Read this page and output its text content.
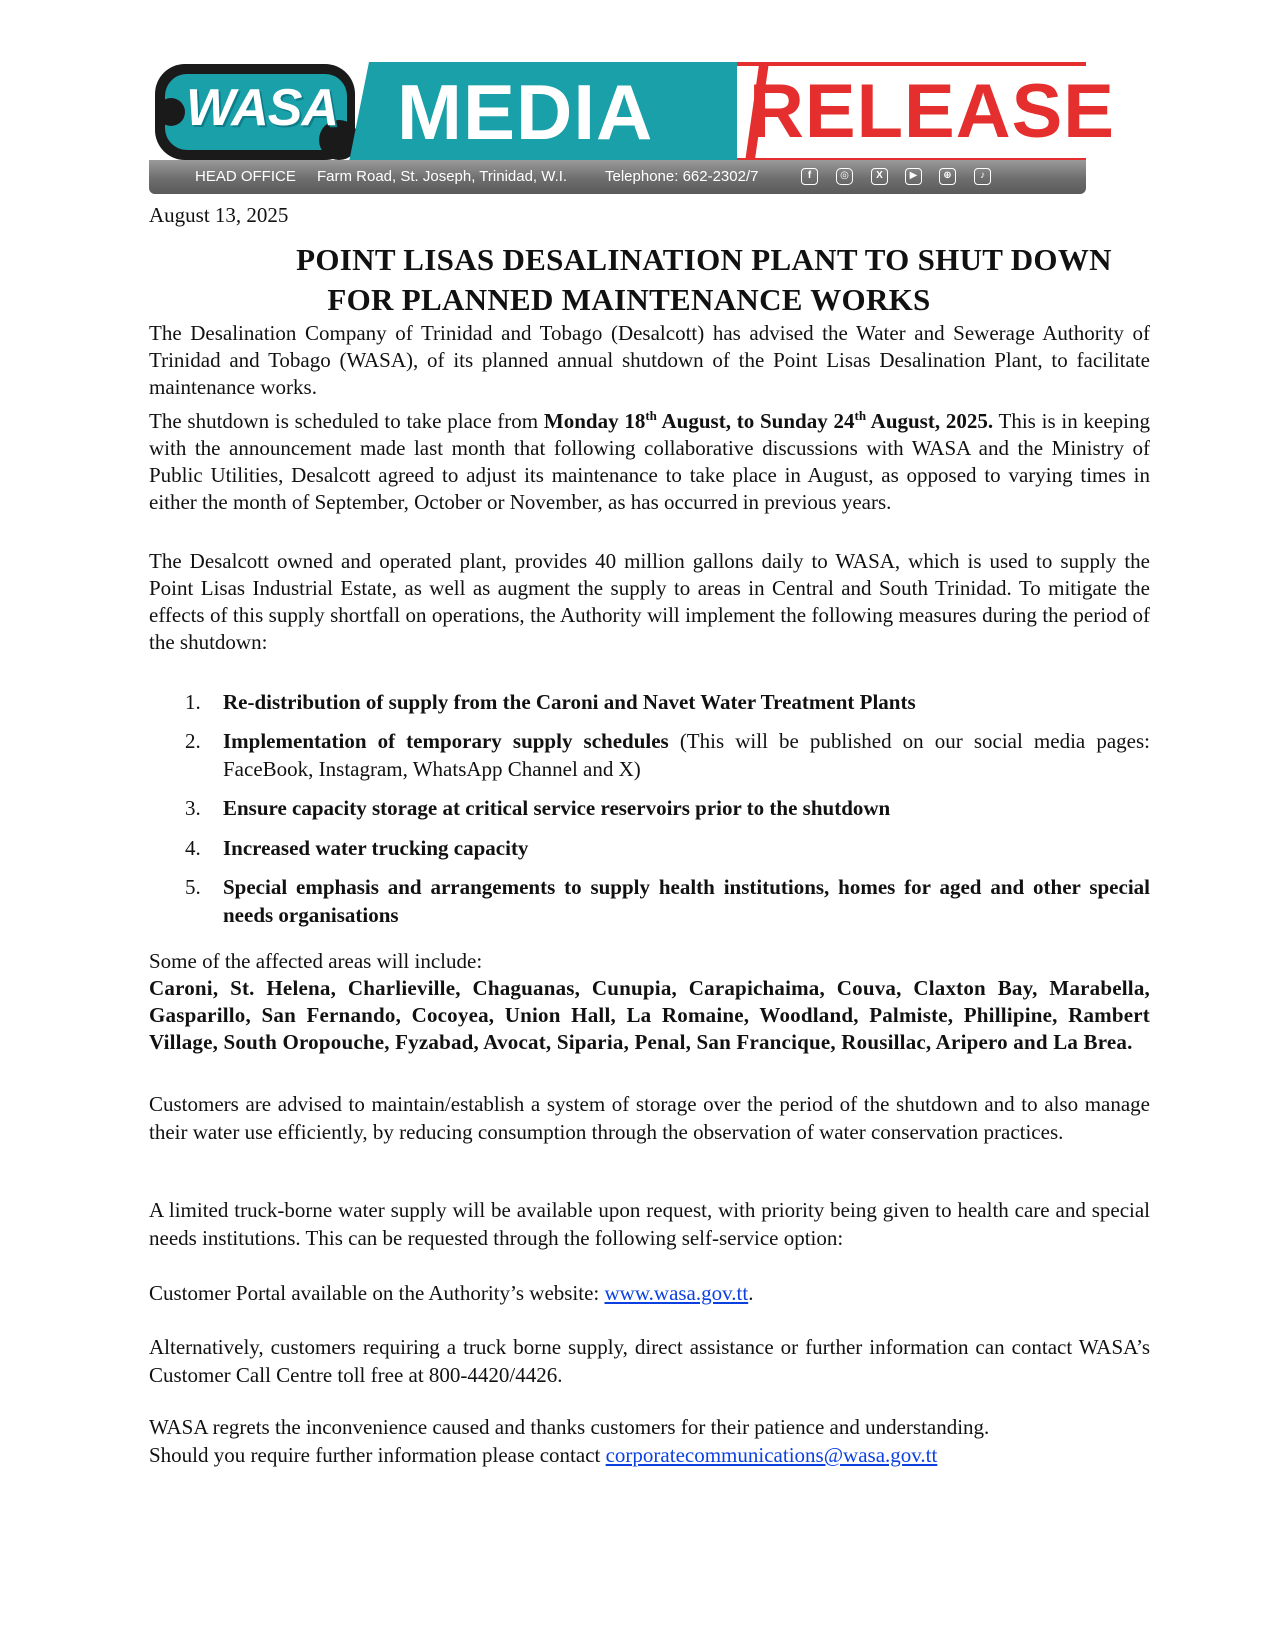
WASA MEDIA	RELEASE
HEAD OFFICE Farm Road, St. Joseph, Trinidad, W.I.	Telephone: 662-2302/7	f	◎	X	▶	⊕	♪
August 13, 2025
POINT LISAS DESALINATION PLANT TO SHUT DOWN
FOR PLANNED MAINTENANCE WORKS

The Desalination Company of Trinidad and Tobago (Desalcott) has advised the Water and Sewerage Authority of Trinidad and Tobago (WASA), of its planned annual shutdown of the Point Lisas Desalination Plant, to facilitate maintenance works.

The shutdown is scheduled to take place from Monday 18th August, to Sunday 24th August, 2025. This is in keeping with the announcement made last month that following collaborative discussions with WASA and the Ministry of Public Utilities, Desalcott agreed to adjust its maintenance to take place in August, as opposed to varying times in either the month of September, October or November, as has occurred in previous years.

The Desalcott owned and operated plant, provides 40 million gallons daily to WASA, which is used to supply the Point Lisas Industrial Estate, as well as augment the supply to areas in Central and South Trinidad. To mitigate the effects of this supply shortfall on operations, the Authority will implement the following measures during the period of the shutdown:

1. Re-distribution of supply from the Caroni and Navet Water Treatment Plants
2. Implementation of temporary supply schedules (This will be published on our social media pages: FaceBook, Instagram, WhatsApp Channel and X)
3. Ensure capacity storage at critical service reservoirs prior to the shutdown
4. Increased water trucking capacity
5. Special emphasis and arrangements to supply health institutions, homes for aged and other special needs organisations
Some of the affected areas will include:
Caroni, St. Helena, Charlieville, Chaguanas, Cunupia, Carapichaima, Couva, Claxton Bay, Marabella, Gasparillo, San Fernando, Cocoyea, Union Hall, La Romaine, Woodland, Palmiste, Phillipine, Rambert Village, South Oropouche, Fyzabad, Avocat, Siparia, Penal, San Francique, Rousillac, Aripero and La Brea.

Customers are advised to maintain/establish a system of storage over the period of the shutdown and to also manage their water use efficiently, by reducing consumption through the observation of water conservation practices.

A limited truck-borne water supply will be available upon request, with priority being given to health care and special needs institutions. This can be requested through the following self-service option:

Customer Portal available on the Authority’s website: www.wasa.gov.tt.

Alternatively, customers requiring a truck borne supply, direct assistance or further information can contact WASA’s Customer Call Centre toll free at 800-4420/4426.

WASA regrets the inconvenience caused and thanks customers for their patience and understanding.
Should you require further information please contact corporatecommunications@wasa.gov.tt
